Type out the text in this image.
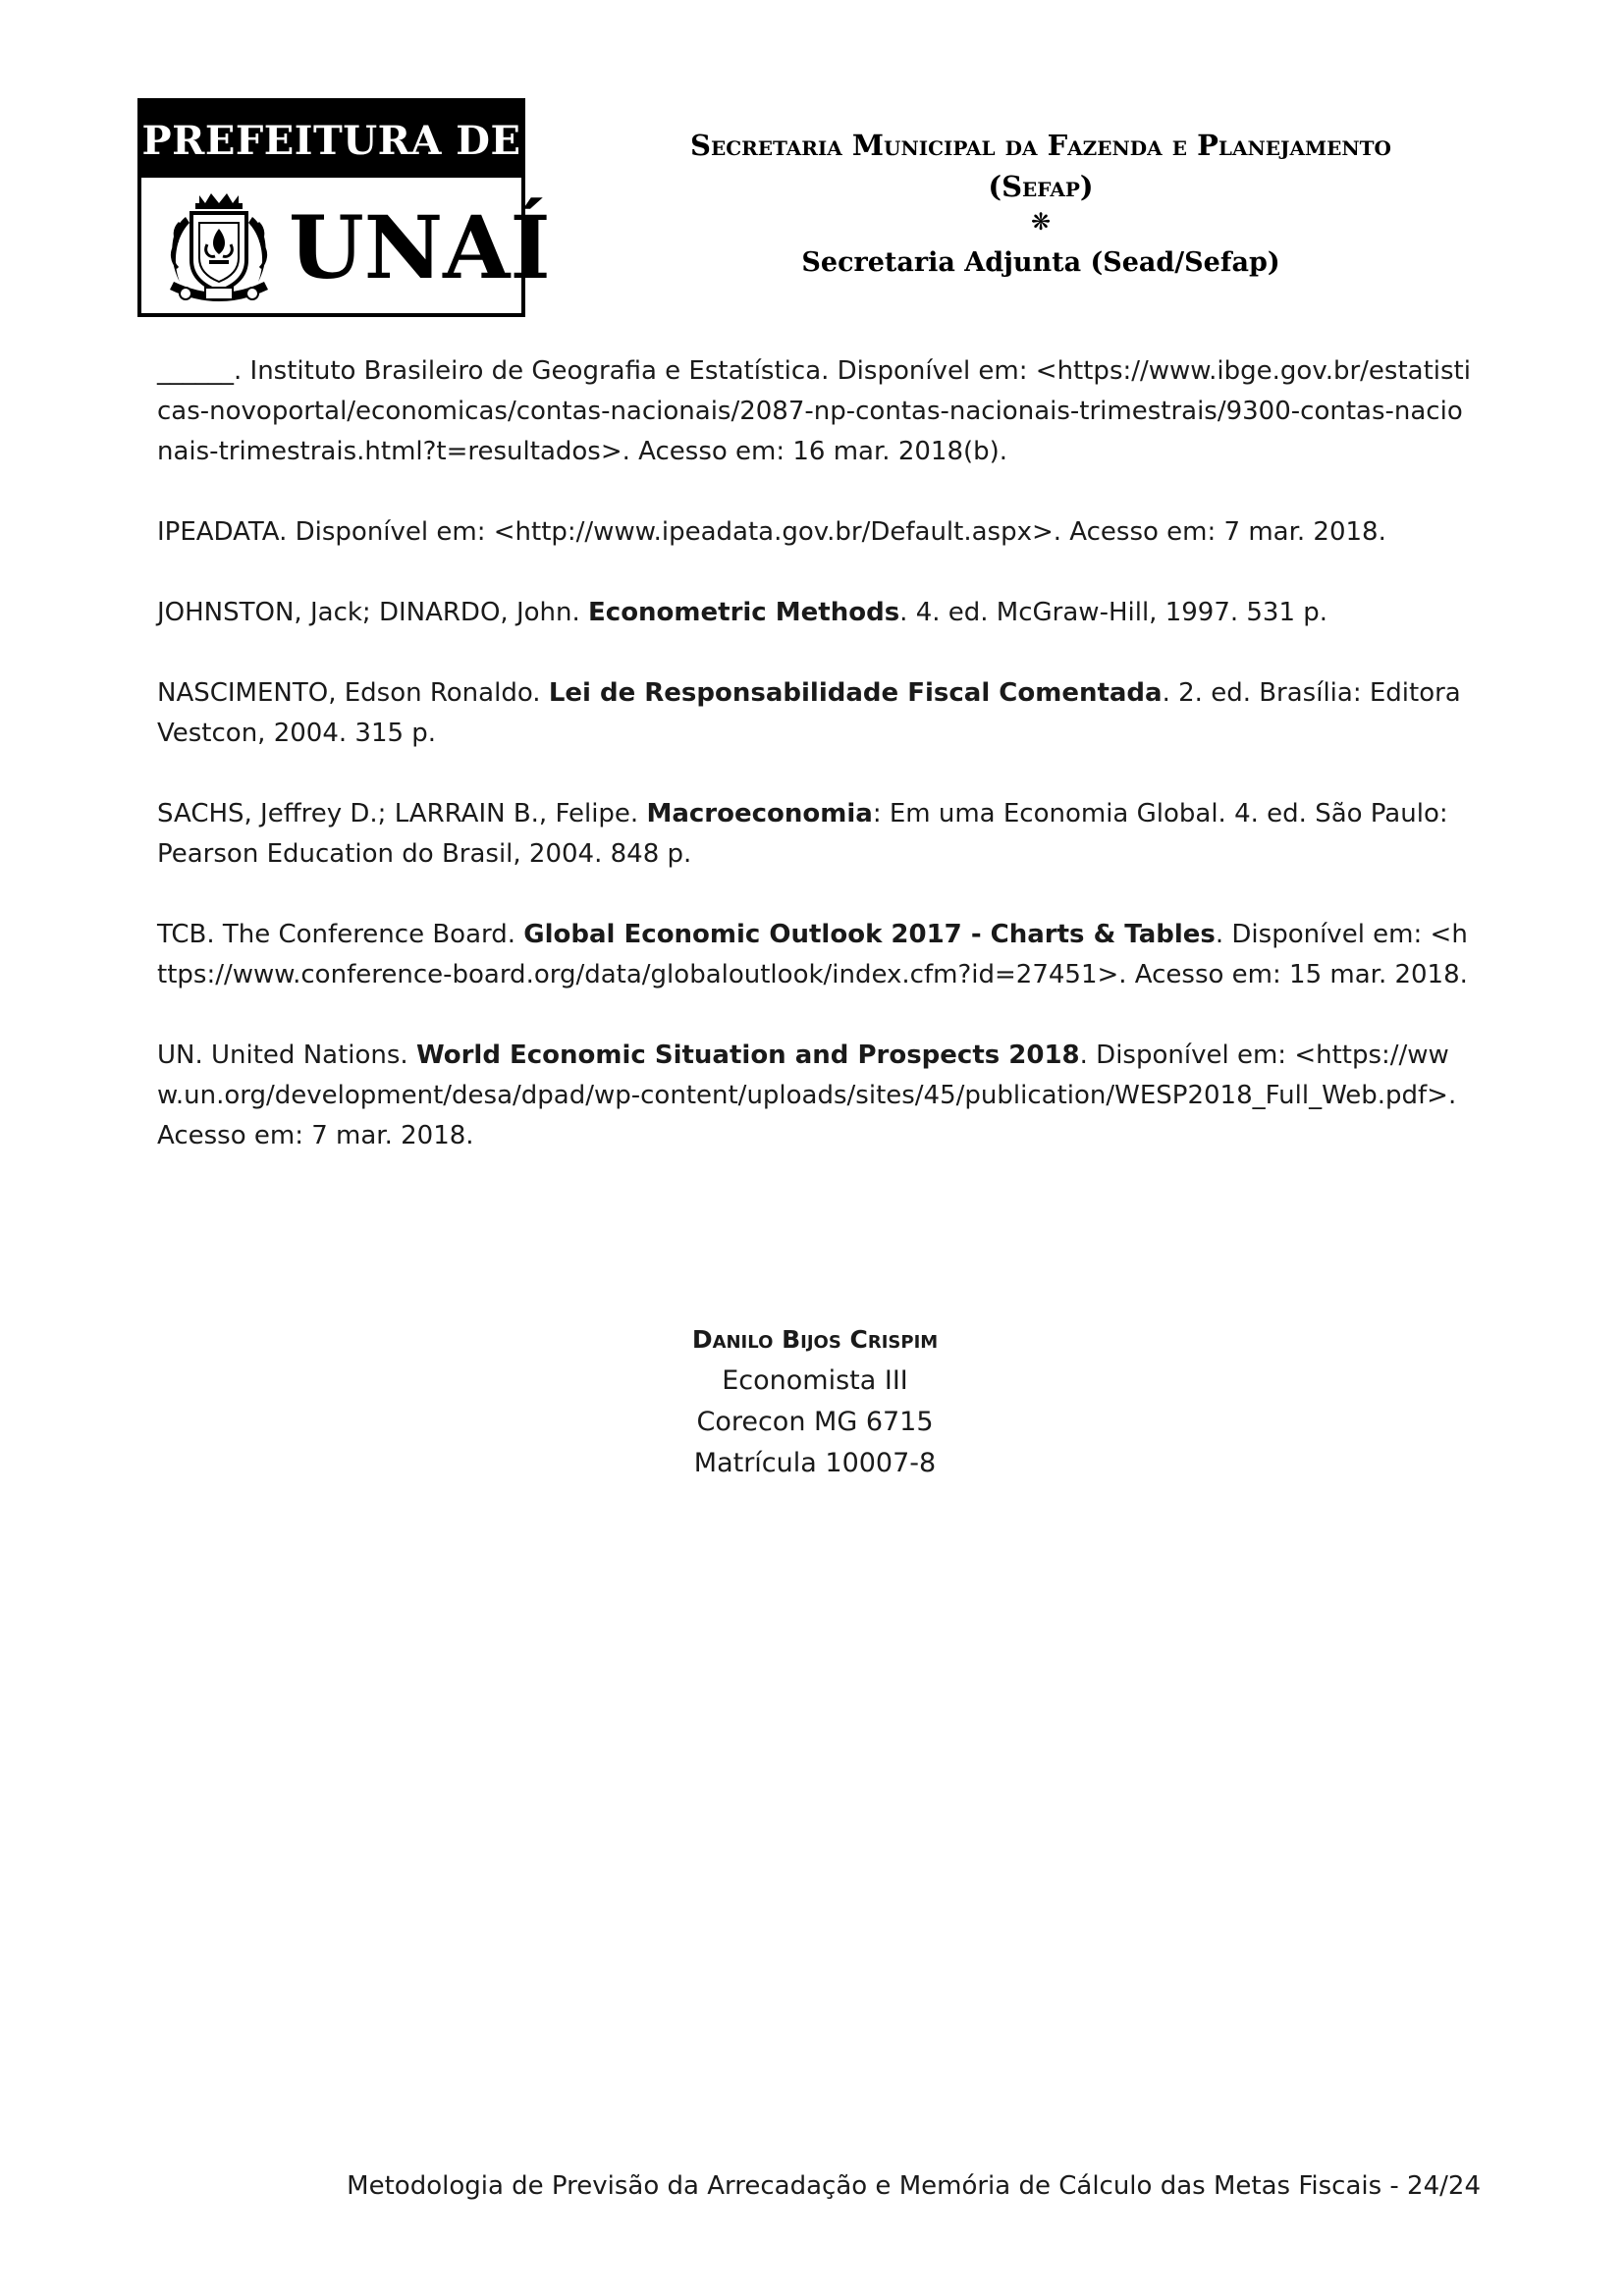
PREFEITURA DE
UNAÍ
Secretaria Municipal da Fazenda e Planejamento
(Sefap)
❋
Secretaria Adjunta (Sead/Sefap)

______. Instituto Brasileiro de Geografia e Estatística. Disponível em: <https://www.ibge.gov.br/estatisticas-novoportal/economicas/contas-nacionais/2087-np-contas-nacionais-trimestrais/9300-contas-nacionais-trimestrais.html?t=resultados>. Acesso em: 16 mar. 2018(b).

IPEADATA. Disponível em: <http://www.ipeadata.gov.br/Default.aspx>. Acesso em: 7 mar. 2018.

JOHNSTON, Jack; DINARDO, John. Econometric Methods. 4. ed. McGraw-Hill, 1997. 531 p.

NASCIMENTO, Edson Ronaldo. Lei de Responsabilidade Fiscal Comentada. 2. ed. Brasília: Editora Vestcon, 2004. 315 p.

SACHS, Jeffrey D.; LARRAIN B., Felipe. Macroeconomia: Em uma Economia Global. 4. ed. São Paulo: Pearson Education do Brasil, 2004. 848 p.

TCB. The Conference Board. Global Economic Outlook 2017 - Charts & Tables. Disponível em: <https://www.conference-board.org/data/globaloutlook/index.cfm?id=27451>. Acesso em: 15 mar. 2018.

UN. United Nations. World Economic Situation and Prospects 2018. Disponível em: <https://www.un.org/development/desa/dpad/wp-content/uploads/sites/45/publication/WESP2018_Full_Web.pdf>. Acesso em: 7 mar. 2018.

Danilo Bijos Crispim
Economista III
Corecon MG 6715
Matrícula 10007-8
Metodologia de Previsão da Arrecadação e Memória de Cálculo das Metas Fiscais - 24/24
